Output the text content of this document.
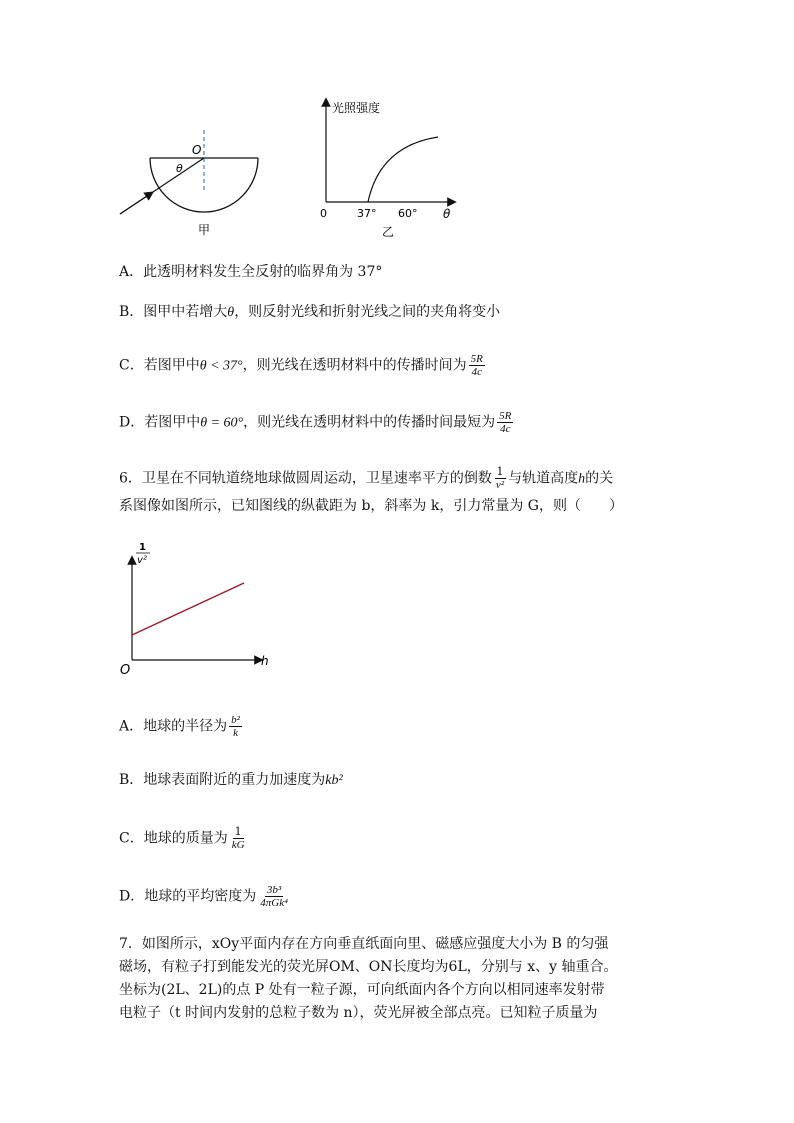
O
θ
甲
光照强度
0	37° 60° θ
乙
A．此透明材料发生全反射的临界角为 37°
B．图甲中若增大θ，则反射光线和折射光线之间的夹角将变小
C．若图甲中θ < 37°，则光线在透明材料中的传播时间为 $\frac{5R}{4c}$
D．若图甲中θ = 60°，则光线在透明材料中的传播时间最短为 $\frac{5R}{4c}$
6．卫星在不同轨道绕地球做圆周运动，卫星速率平方的倒数 $\frac{1}{\text{v²}}$ 与轨道高度h的关
系图像如图所示，已知图线的纵截距为 b，斜率为 k，引力常量为 G，则（　　）
1
v²
O
h
A．地球的半径为 $\frac{\text{b²}}{k}$
B．地球表面附近的重力加速度为kb²
C．地球的质量为 $\frac{1}{kG}$
D．地球的平均密度为 $\frac{\text{3b³}}{\text{4πGk⁴}}$
7．如图所示，xOy平面内存在方向垂直纸面向里、磁感应强度大小为 B 的匀强
磁场，有粒子打到能发光的荧光屏OM、ON长度均为6L，分别与 x、y 轴重合。
坐标为(2L、2L)的点 P 处有一粒子源，可向纸面内各个方向以相同速率发射带
电粒子（t 时间内发射的总粒子数为 n），荧光屏被全部点亮。已知粒子质量为
